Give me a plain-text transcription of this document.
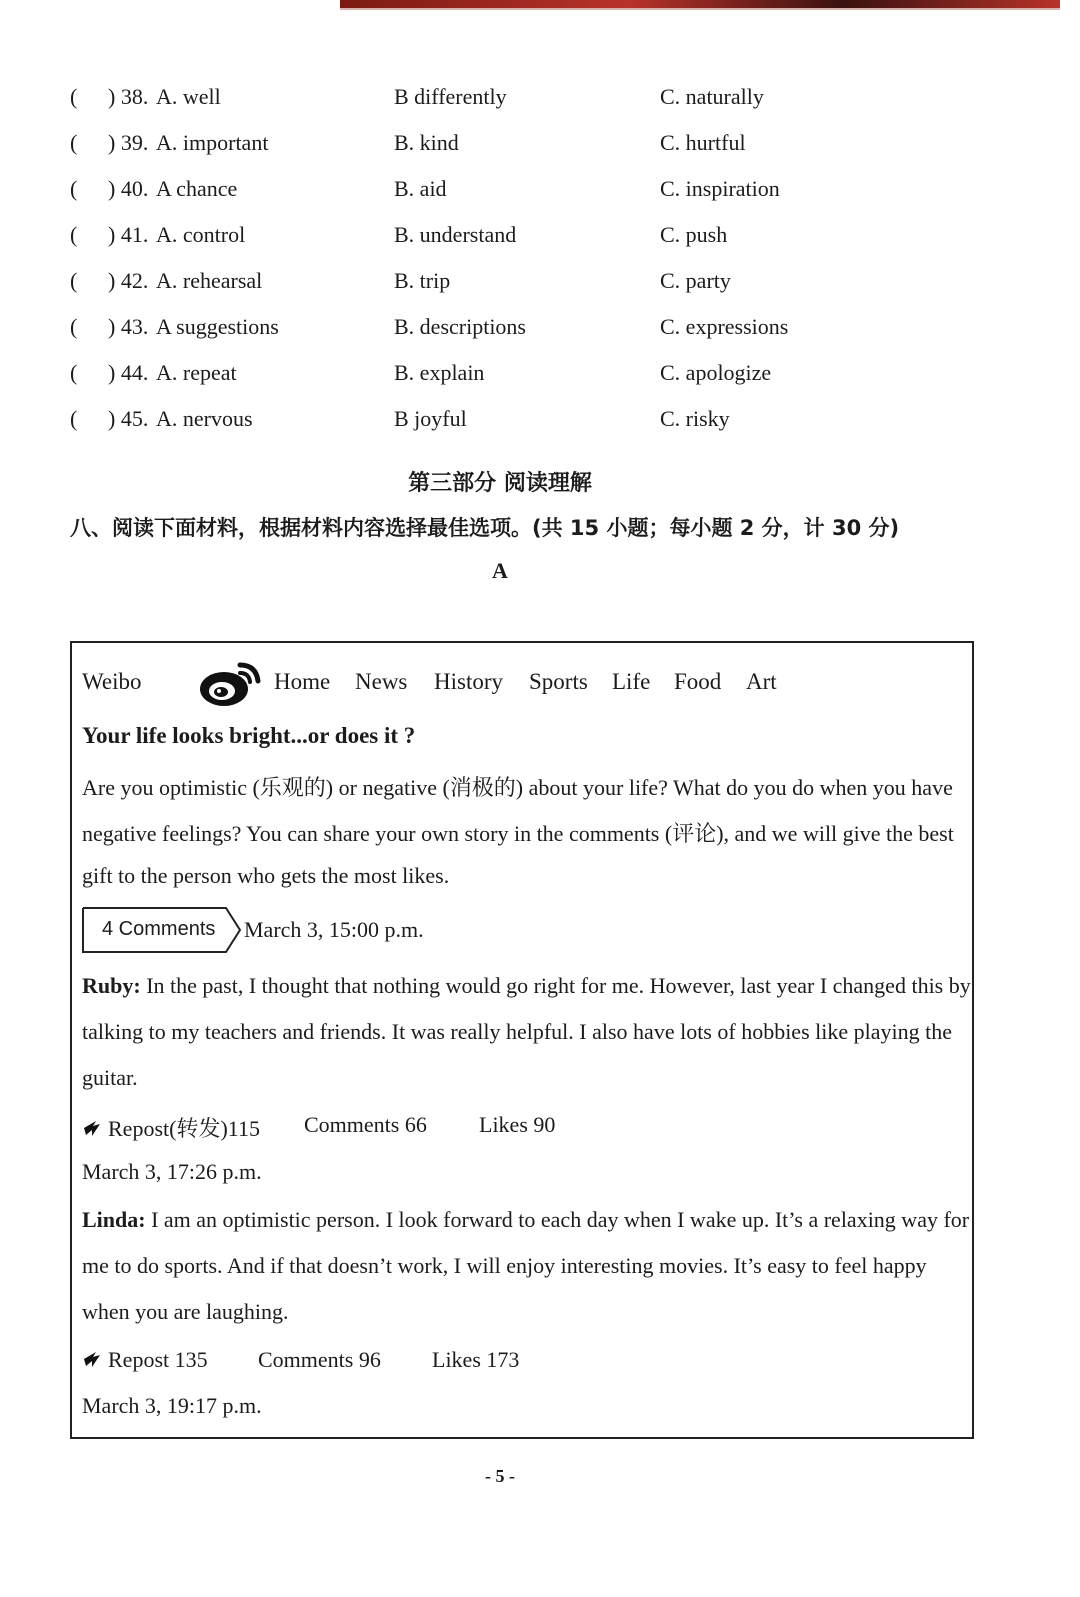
( ) 38. A. well	B differently	C. naturally
( ) 39. A. important	B. kind	C. hurtful
( ) 40. A chance	B. aid	C. inspiration
( ) 41. A. control	B. understand	C. push
( ) 42. A. rehearsal	B. trip	C. party
( ) 43. A suggestions	B. descriptions	C. expressions
( ) 44. A. repeat	B. explain	C. apologize
( ) 45. A. nervous	B joyful	C. risky
第三部分 阅读理解
八、阅读下面材料，根据材料内容选择最佳选项。(共 15 小题；每小题 2 分，计 30 分)
A
Weibo	Home News History Sports Life Food Art
Your life looks bright...or does it ?
Are you optimistic (乐观的) or negative (消极的) about your life? What do you do when you have
negative feelings? You can share your own story in the comments (评论), and we will give the best
gift to the person who gets the most likes.
4 Comments March 3, 15:00 p.m.
Ruby: In the past, I thought that nothing would go right for me. However, last year I changed this by
talking to my teachers and friends. It was really helpful. I also have lots of hobbies like playing the
guitar.
Repost(转发)115 Comments 66 Likes 90
March 3, 17:26 p.m.
Linda: I am an optimistic person. I look forward to each day when I wake up. It’s a relaxing way for
me to do sports. And if that doesn’t work, I will enjoy interesting movies. It’s easy to feel happy
when you are laughing.
Repost 135 Comments 96 Likes 173
March 3, 19:17 p.m.
- 5 -
